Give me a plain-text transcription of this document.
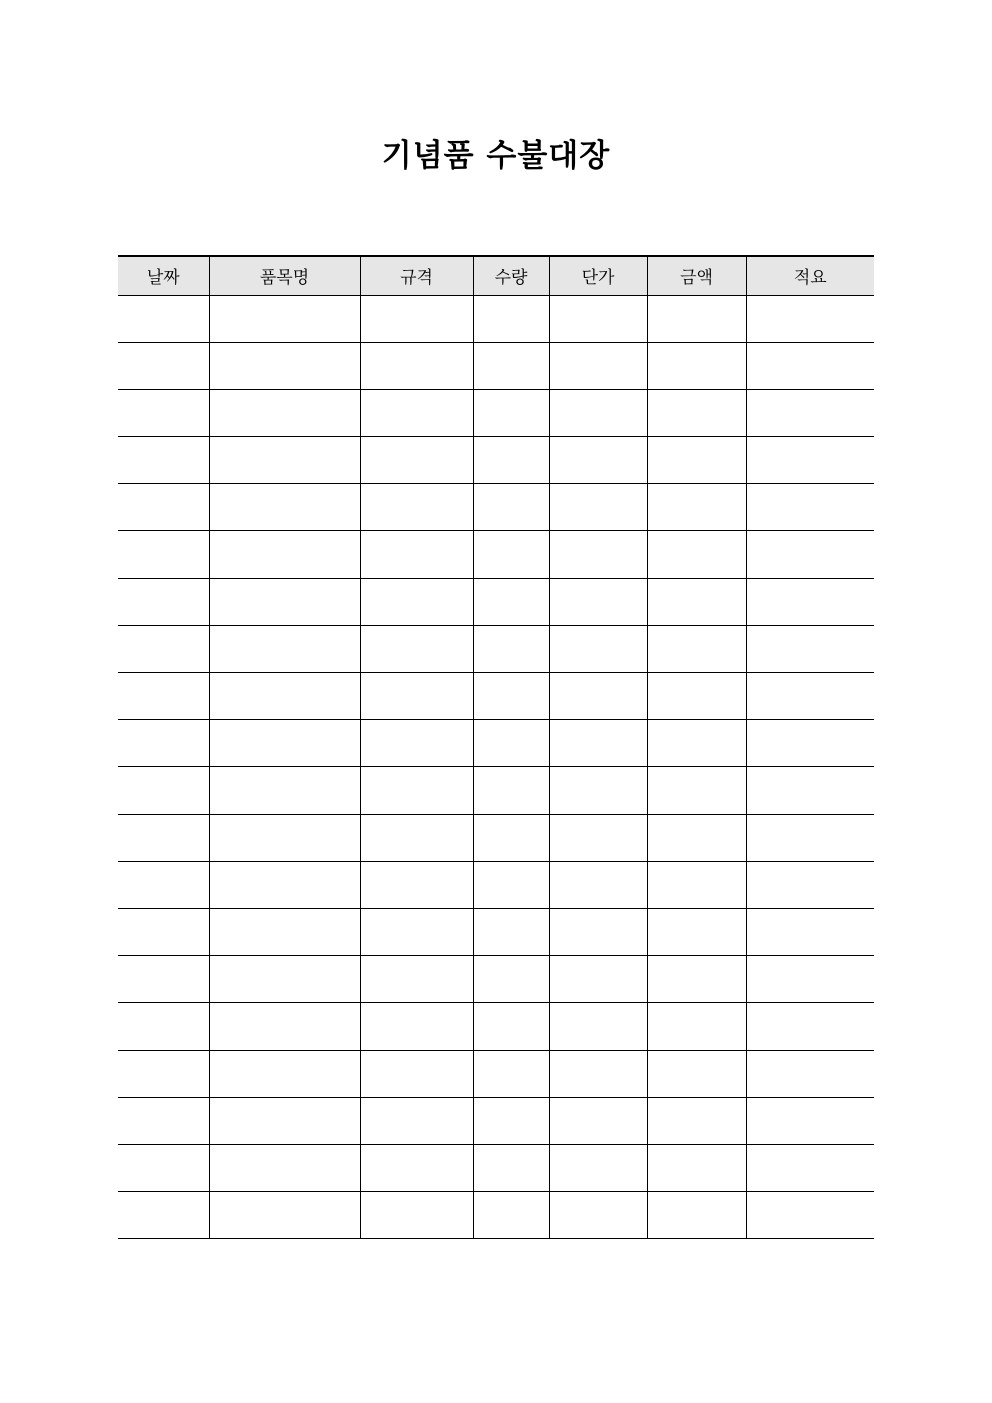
기념품 수불대장
날짜	품목명	규격	수량	단가	금액	적요
